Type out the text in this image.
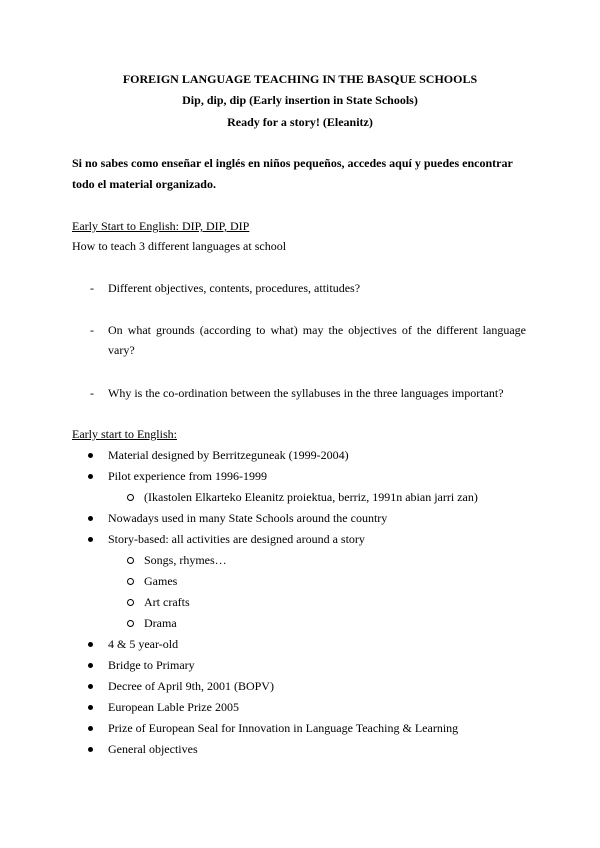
FOREIGN LANGUAGE TEACHING IN THE BASQUE SCHOOLS
Dip, dip, dip (Early insertion in State Schools)
Ready for a story! (Eleanitz)
Si no sabes como enseñar el inglés en niños pequeños, accedes aquí y puedes encontrar todo el material organizado.
Early Start to English: DIP, DIP, DIP
How to teach 3 different languages at school
- Different objectives, contents, procedures, attitudes?
- On what grounds (according to what) may the objectives of the different language vary?
- Why is the co-ordination between the syllabuses in the three languages important?
Early start to English:
Material designed by Berritzeguneak (1999-2004)
Pilot experience from 1996-1999
(Ikastolen Elkarteko Eleanitz proiektua, berriz, 1991n abian jarri zan)
Nowadays used in many State Schools around the country
Story-based: all activities are designed around a story
Songs, rhymes…
Games
Art crafts
Drama
4 & 5 year-old
Bridge to Primary
Decree of April 9th, 2001 (BOPV)
European Lable Prize 2005
Prize of European Seal for Innovation in Language Teaching & Learning
General objectives
